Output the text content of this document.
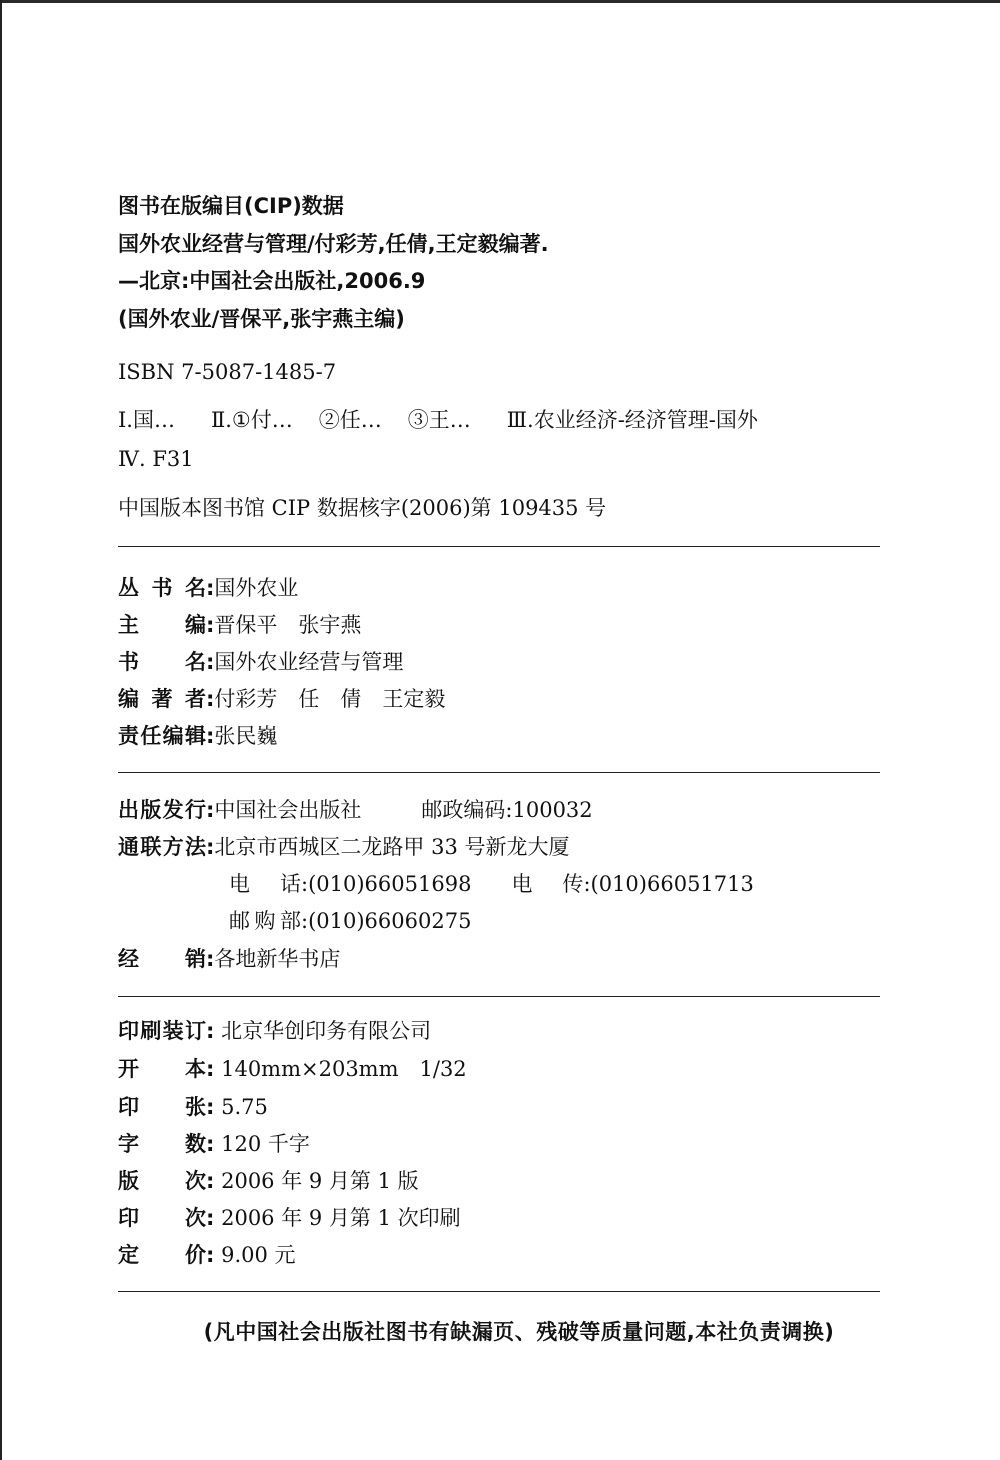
图书在版编目(CIP)数据
国外农业经营与管理/付彩芳,任倩,王定毅编著.
—北京:中国社会出版社,2006.9
(国外农业/晋保平,张宇燕主编)
ISBN 7-5087-1485-7
Ⅰ.国… Ⅱ.①付… ②任… ③王… Ⅲ.农业经济-经济管理-国外
Ⅳ. F31
中国版本图书馆 CIP 数据核字(2006)第 109435 号
丛书名:国外农业
主编:晋保平　张宇燕
书名:国外农业经营与管理
编著者:付彩芳　任　倩　王定毅
责任编辑:张民巍
出版发行:中国社会出版社	邮政编码:100032
通联方法:北京市西城区二龙路甲 33 号新龙大厦
电　话:(010)66051698 电　传:(010)66051713
邮购部:(010)66060275
经销:各地新华书店
印刷装订: 北京华创印务有限公司
开本: 140mm×203mm　1/32
印张: 5.75
字数: 120 千字
版次: 2006 年 9 月第 1 版
印次: 2006 年 9 月第 1 次印刷
定价: 9.00 元
(凡中国社会出版社图书有缺漏页、残破等质量问题,本社负责调换)
